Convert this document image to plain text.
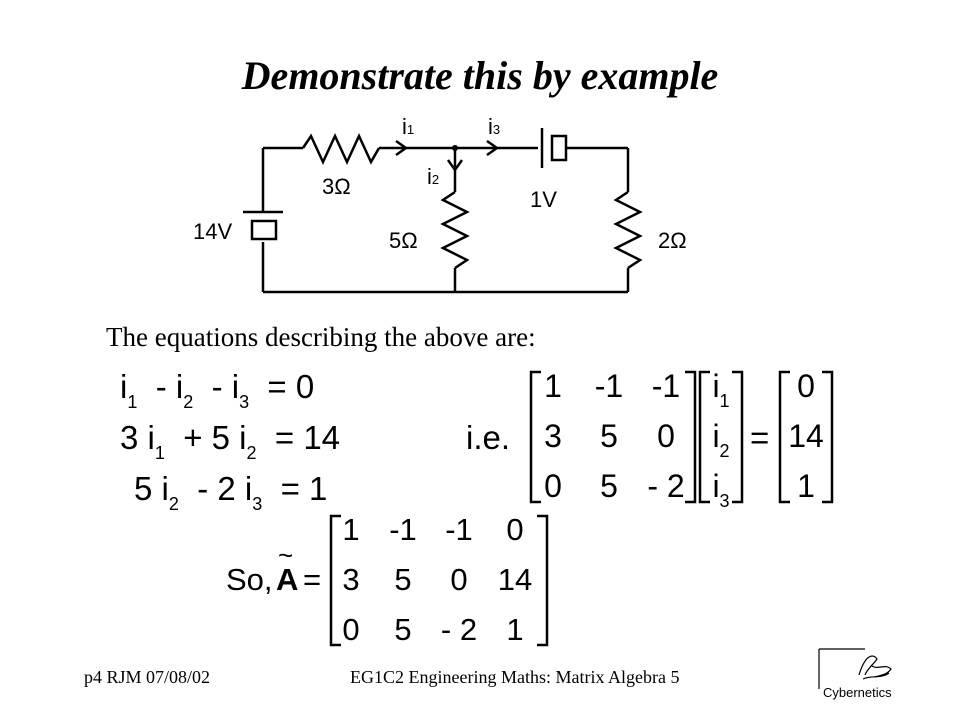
Demonstrate this by example
14V
3Ω
5Ω	2Ω
1V
i1
i2
i3
The equations describing the above are:
$i_1 - i_2 - i_3 = 0$
3 $i_1 + 5$ $i_2 = 14$
5 $i_2 - 2$ $i_3 = 1$
i.e.
1 -1 -1
3 5 0
0 5 - 2
$i_1$
$i_2$
$i_3$
=
0
14
1
So,
~
A =
1 -1 -1 0
3 5 0 14
0 5 - 2 1
p4 RJM 07/08/02	EG1C2 Engineering Maths: Matrix Algebra 5
Cybernetics
